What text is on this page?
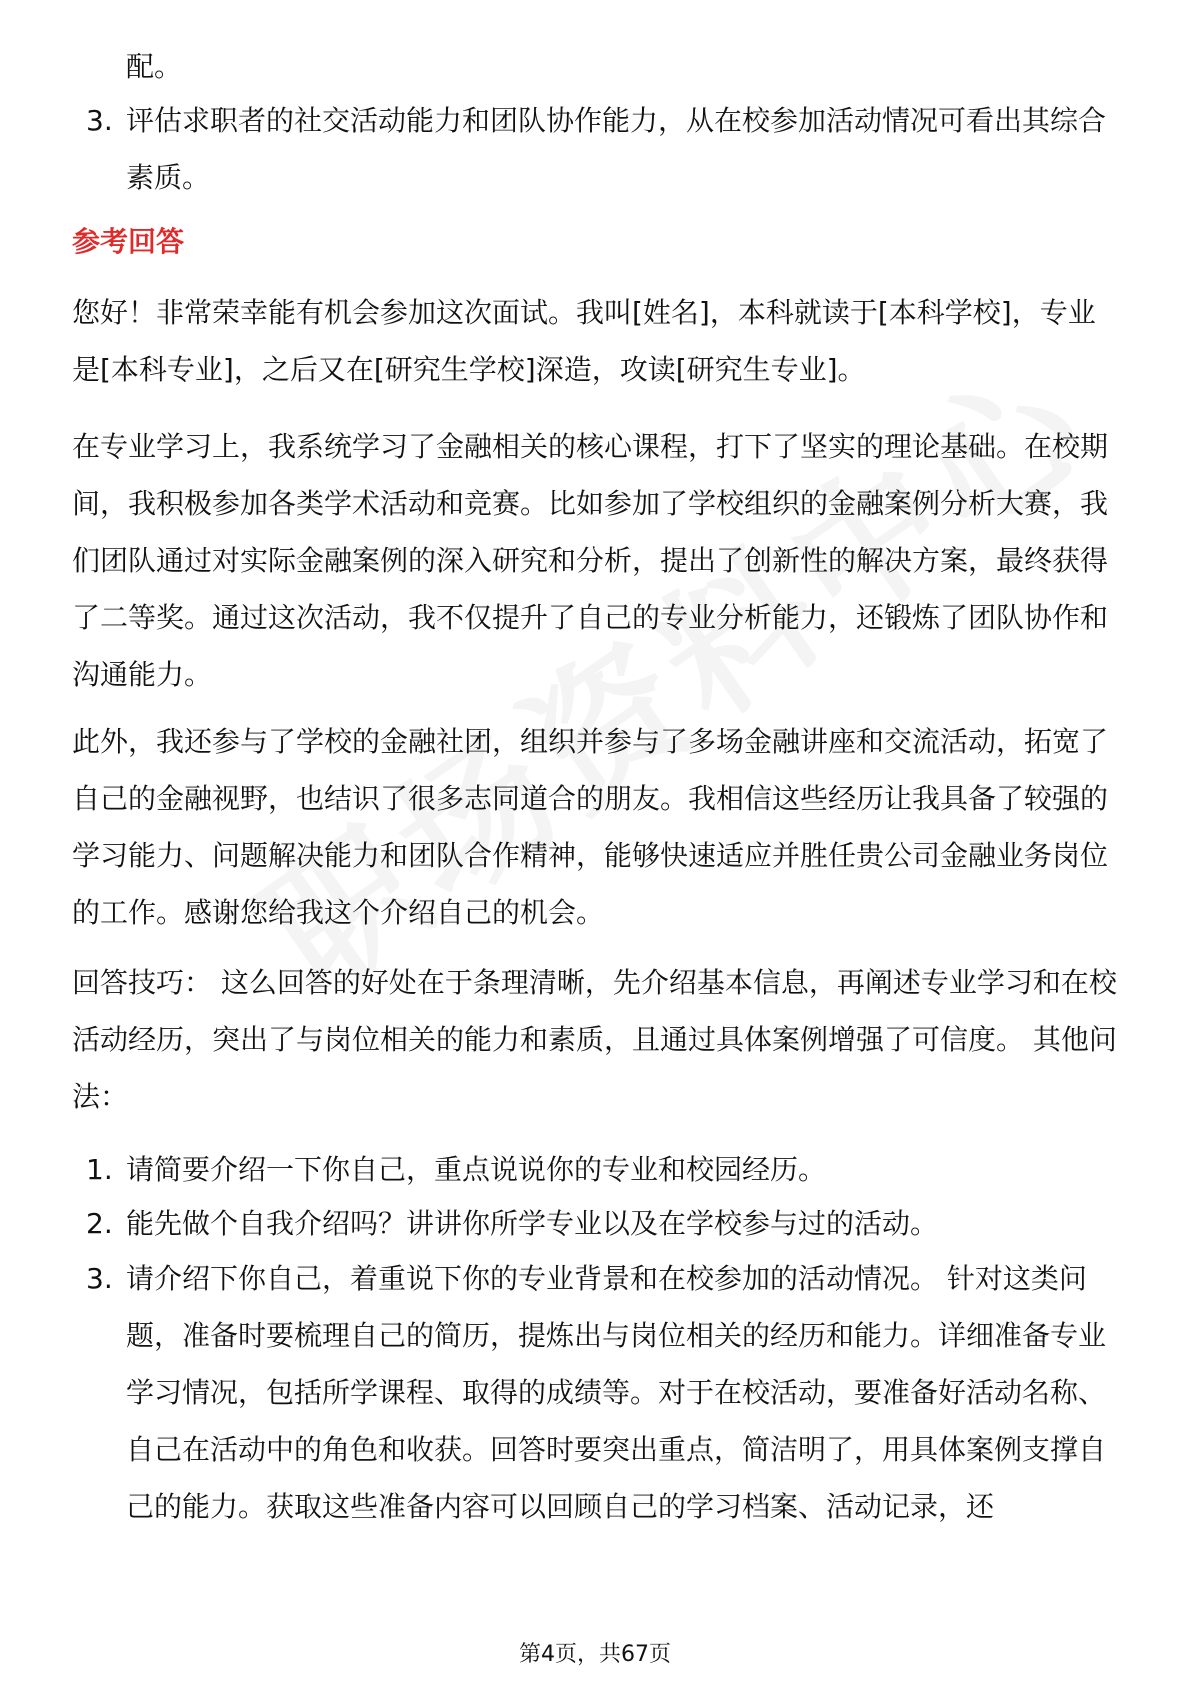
配。
3. 评估求职者的社交活动能力和团队协作能力，从在校参加活动情况可看出其综合素质。
参考回答

您好！非常荣幸能有机会参加这次面试。我叫[姓名]，本科就读于[本科学校]，专业是[本科专业]，之后又在[研究生学校]深造，攻读[研究生专业]。

在专业学习上，我系统学习了金融相关的核心课程，打下了坚实的理论基础。在校期间，我积极参加各类学术活动和竞赛。比如参加了学校组织的金融案例分析大赛，我们团队通过对实际金融案例的深入研究和分析，提出了创新性的解决方案，最终获得了二等奖。通过这次活动，我不仅提升了自己的专业分析能力，还锻炼了团队协作和沟通能力。

此外，我还参与了学校的金融社团，组织并参与了多场金融讲座和交流活动，拓宽了自己的金融视野，也结识了很多志同道合的朋友。我相信这些经历让我具备了较强的学习能力、问题解决能力和团队合作精神，能够快速适应并胜任贵公司金融业务岗位的工作。感谢您给我这个介绍自己的机会。

回答技巧： 这么回答的好处在于条理清晰，先介绍基本信息，再阐述专业学习和在校活动经历，突出了与岗位相关的能力和素质，且通过具体案例增强了可信度。 其他问法：

1. 请简要介绍一下你自己，重点说说你的专业和校园经历。
2. 能先做个自我介绍吗？讲讲你所学专业以及在学校参与过的活动。
3. 请介绍下你自己，着重说下你的专业背景和在校参加的活动情况。 针对这类问题，准备时要梳理自己的简历，提炼出与岗位相关的经历和能力。详细准备专业学习情况，包括所学课程、取得的成绩等。对于在校活动，要准备好活动名称、自己在活动中的角色和收获。回答时要突出重点，简洁明了，用具体案例支撑自己的能力。获取这些准备内容可以回顾自己的学习档案、活动记录，还
第4页，共67页
